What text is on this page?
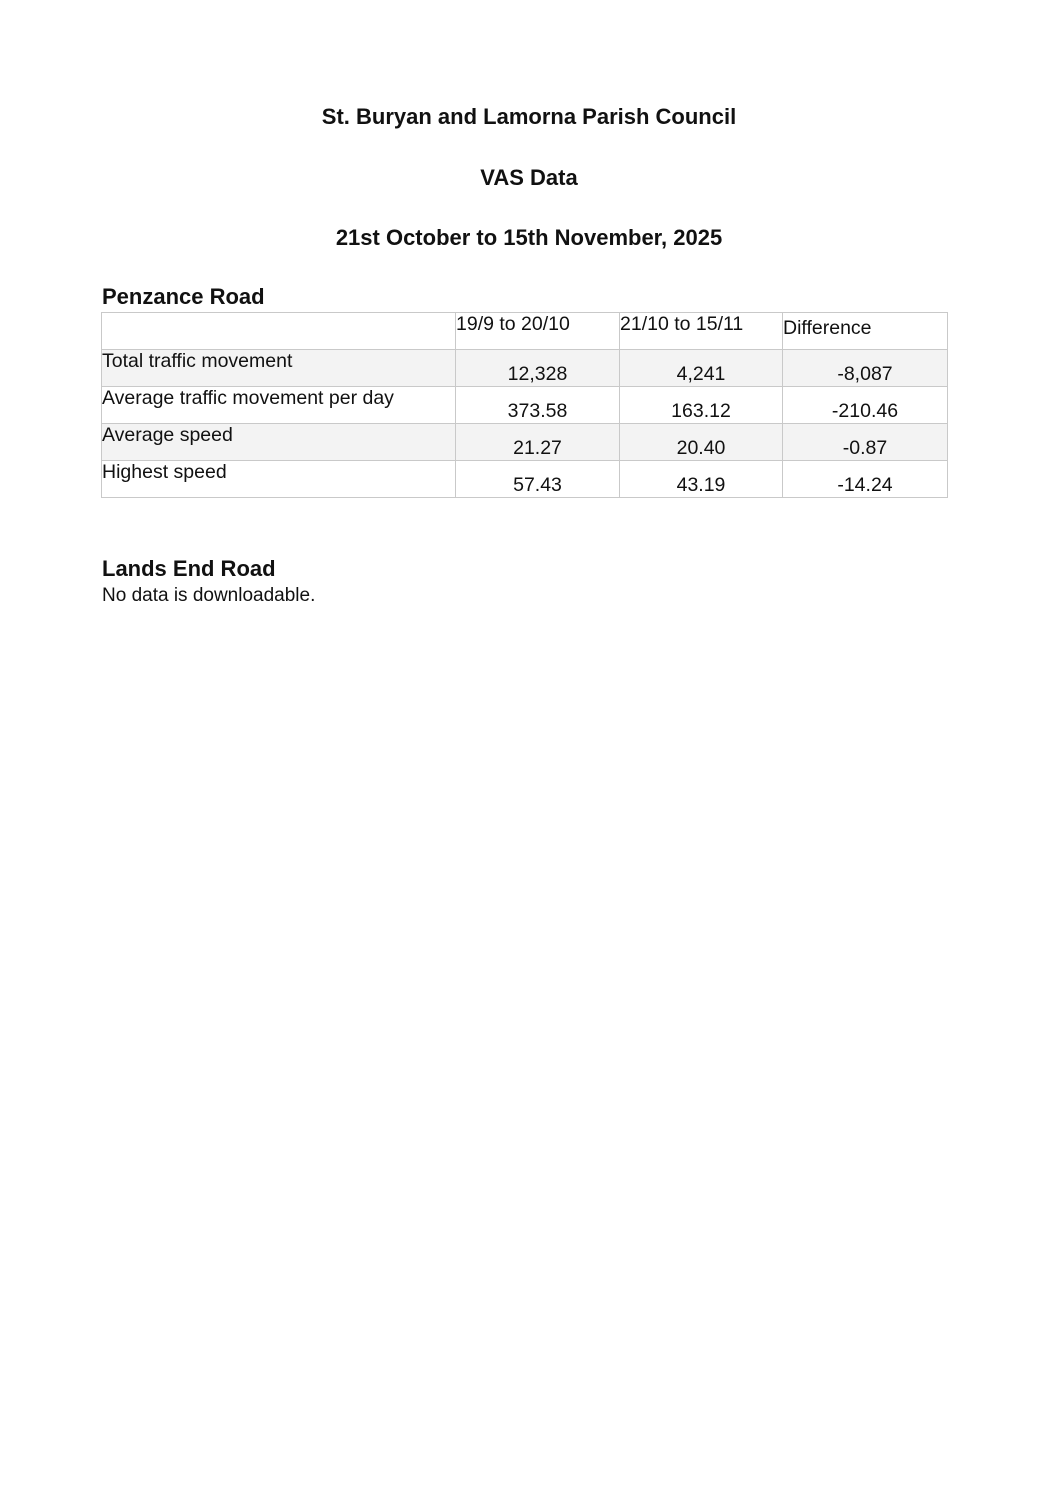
St. Buryan and Lamorna Parish Council
VAS Data
21st October to 15th November, 2025
Penzance Road
	19/9 to 20/10	21/10 to 15/11	Difference
Total traffic movement	12,328	4,241	-8,087
Average traffic movement per day	373.58	163.12	-210.46
Average speed	21.27	20.40	-0.87
Highest speed	57.43	43.19	-14.24
Lands End Road

No data is downloadable.
